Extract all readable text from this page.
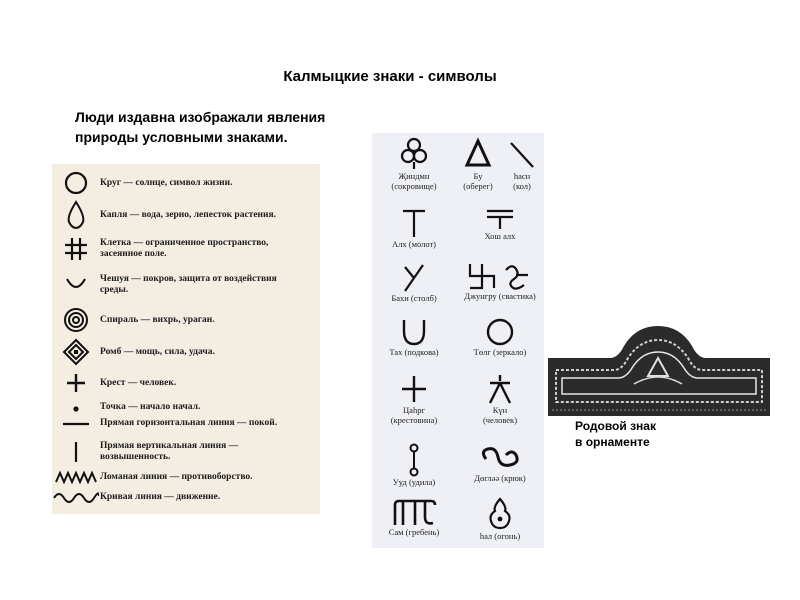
Калмыцкие знаки - символы
Люди издавна изображали явления
природы условными знаками.
Круг — солнце, символ жизни.
Капля — вода, зерно, лепесток растения.
Клетка — ограниченное пространство,
засеянное поле.
Чешуя — покров, защита от воздействия
среды.
Спираль — вихрь, ураган.
Ромб — мощь, сила, удача.
Крест — человек.
Точка — начало начал.
Прямая горизонтальная линия — покой.
Прямая вертикальная линия —
возвышенность.
Ломаная линия — противоборство.
Кривая линия — движение.
Җиндмн
(сокровище)
Бу
(оберег)
hасн
(кол)
Алх (молот)
Хош алх
Бахи (столб)	Джунгру (свастика)
Тах (подкова)	Төлг (зеркало)
Цаhрг
(крестовина)
Күн
(человек)
Ууд (удила)	Дөгләә (крюк)
Сам (гребень)	hал (огонь)
Родовой знак
в орнаменте
